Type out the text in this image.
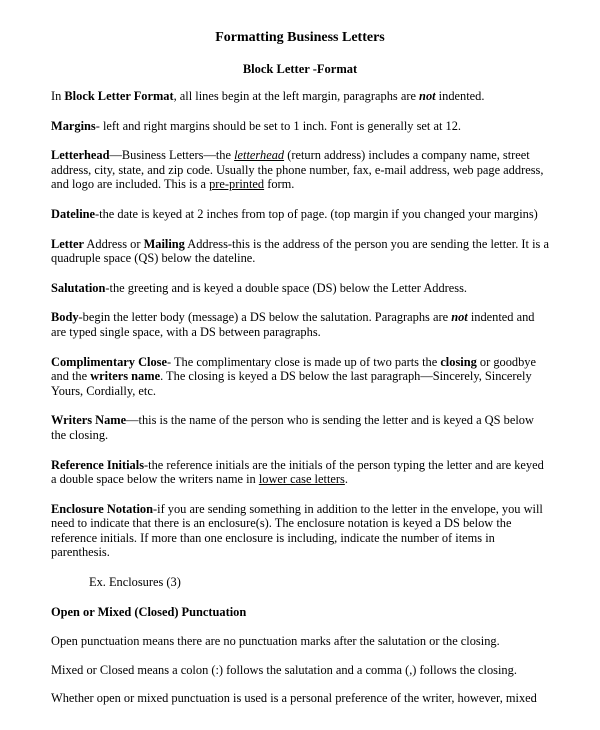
Formatting Business Letters
Block Letter -Format

In Block Letter Format, all lines begin at the left margin, paragraphs are not indented.

Margins- left and right margins should be set to 1 inch. Font is generally set at 12.

Letterhead—Business Letters—the letterhead (return address) includes a company name, street address, city, state, and zip code. Usually the phone number, fax, e-mail address, web page address, and logo are included. This is a pre-printed form.

Dateline-the date is keyed at 2 inches from top of page. (top margin if you changed your margins)

Letter Address or Mailing Address-this is the address of the person you are sending the letter. It is a quadruple space (QS) below the dateline.

Salutation-the greeting and is keyed a double space (DS) below the Letter Address.

Body-begin the letter body (message) a DS below the salutation. Paragraphs are not indented and are typed single space, with a DS between paragraphs.

Complimentary Close- The complimentary close is made up of two parts the closing or goodbye and the writers name. The closing is keyed a DS below the last paragraph—Sincerely, Sincerely Yours, Cordially, etc.

Writers Name—this is the name of the person who is sending the letter and is keyed a QS below the closing.

Reference Initials-the reference initials are the initials of the person typing the letter and are keyed a double space below the writers name in lower case letters.

Enclosure Notation-if you are sending something in addition to the letter in the envelope, you will need to indicate that there is an enclosure(s). The enclosure notation is keyed a DS below the reference initials. If more than one enclosure is including, indicate the number of items in parenthesis.

Ex. Enclosures (3)

Open or Mixed (Closed) Punctuation

Open punctuation means there are no punctuation marks after the salutation or the closing.

Mixed or Closed means a colon (:) follows the salutation and a comma (,) follows the closing.

Whether open or mixed punctuation is used is a personal preference of the writer, however, mixed
